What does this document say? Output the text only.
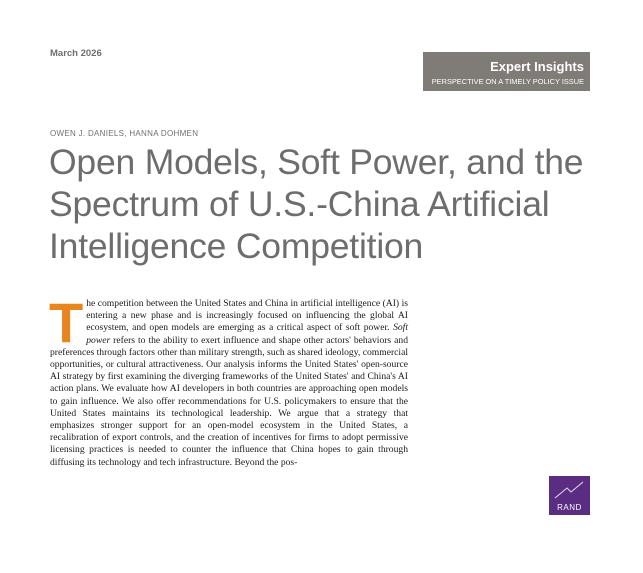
March 2026
Expert Insights
PERSPECTIVE ON A TIMELY POLICY ISSUE
OWEN J. DANIELS, HANNA DOHMEN
Open Models, Soft Power, and the Spectrum of U.S.-China Artificial Intelligence Competition
The competition between the United States and China in artificial intelligence (AI) is entering a new phase and is increasingly focused on influencing the global AI ecosystem, and open models are emerging as a critical aspect of soft power. Soft power refers to the ability to exert influence and shape other actors' behaviors and preferences through factors other than military strength, such as shared ideology, commercial opportunities, or cultural attractiveness. Our analysis informs the United States' open-source AI strategy by first examining the diverging frameworks of the United States' and China's AI action plans. We evaluate how AI developers in both countries are approaching open models to gain influence. We also offer recommendations for U.S. policymakers to ensure that the United States maintains its technological leadership. We argue that a strategy that emphasizes stronger support for an open-model ecosystem in the United States, a recalibration of export controls, and the creation of incentives for firms to adopt permissive licensing practices is needed to counter the influence that China hopes to gain through diffusing its technology and tech infrastructure. Beyond the pos-
RAND
